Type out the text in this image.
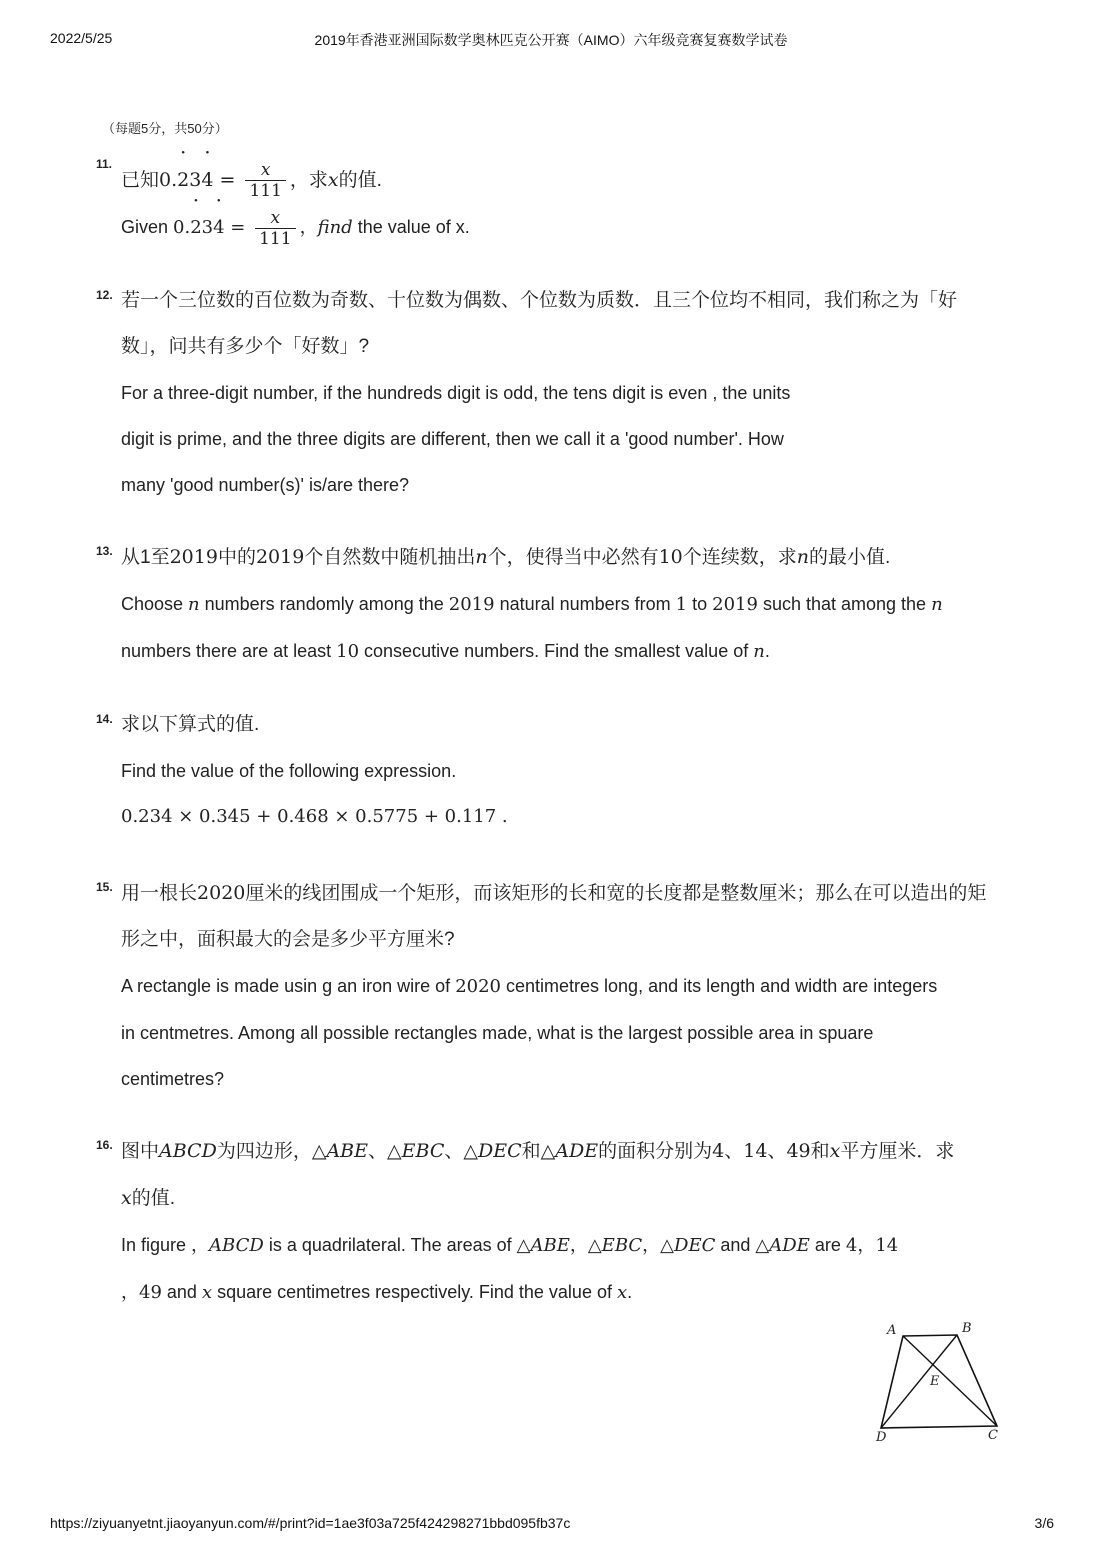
2022/5/25	2019年香港亚洲国际数学奥林匹克公开赛（AIMO）六年级竞赛复赛数学试卷
（每题5分，共50分）
11.
已知$0.\cdot 23\cdot 4 = \frac{x}{111}$ ，求x的值.
Given $0.\cdot 23\cdot 4 = \frac{x}{111}$ ，find the value of x.
12. 若一个三位数的百位数为奇数、十位数为偶数、个位数为质数．且三个位均不相同，我们称之为「好
数」，问共有多少个「好数」?
For a three-digit number, if the hundreds digit is odd, the tens digit is even , the units
digit is prime, and the three digits are different, then we call it a 'good number'. How
many 'good number(s)' is/are there?
13. 从1至2019中的2019个自然数中随机抽出n个，使得当中必然有10个连续数，求n的最小值.
Choose n numbers randomly among the 2019 natural numbers from 1 to 2019 such that among the n
numbers there are at least 10 consecutive numbers. Find the smallest value of n.
14. 求以下算式的值.
Find the value of the following expression.
0.234 × 0.345 + 0.468 × 0.5775 + 0.117 .
15. 用一根长2020厘米的线团围成一个矩形，而该矩形的长和宽的长度都是整数厘米；那么在可以造出的矩
形之中，面积最大的会是多少平方厘米?
A rectangle is made usin g an iron wire of 2020 centimetres long, and its length and width are integers
in centmetres. Among all possible rectangles made, what is the largest possible area in spuare
centimetres?
16. 图中ABCD为四边形，△ABE、△EBC、△DEC和△ADE的面积分别为4、14、49和x平方厘米．求
x的值.
In figure ，ABCD is a quadrilateral. The areas of △ABE，△EBC，△DEC and △ADE are 4，14
，49 and x square centimetres respectively. Find the value of x.
A	B
C
D
E
https://ziyuanyetnt.jiaoyanyun.com/#/print?id=1ae3f03a725f424298271bbd095fb37c	3/6
